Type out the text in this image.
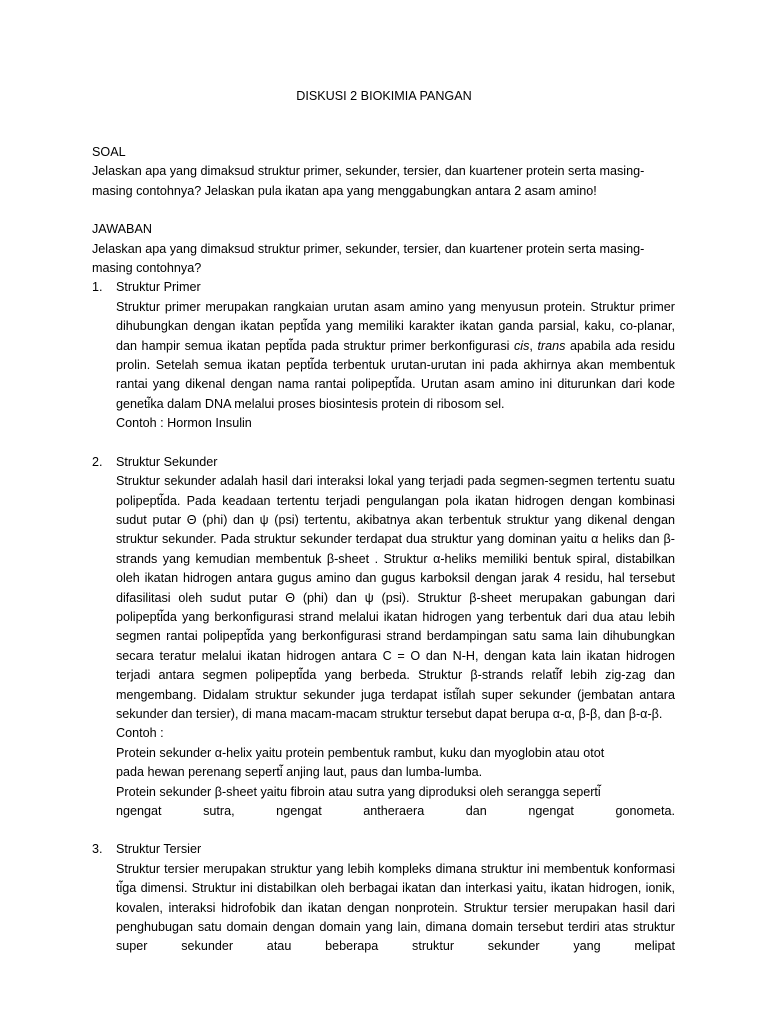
DISKUSI 2 BIOKIMIA PANGAN

SOAL

Jelaskan apa yang dimaksud struktur primer, sekunder, tersier, dan kuartener protein serta masing-masing contohnya? Jelaskan pula ikatan apa yang menggabungkan antara 2 asam amino!

JAWABAN

Jelaskan apa yang dimaksud struktur primer, sekunder, tersier, dan kuartener protein serta masing-masing contohnya?

1. Struktur Primer

Struktur primer merupakan rangkaian urutan asam amino yang menyusun protein. Struktur primer dihubungkan dengan ikatan pepti͂da yang memiliki karakter ikatan ganda parsial, kaku, co-planar, dan hampir semua ikatan pepti͂da pada struktur primer berkonfigurasi cis, trans apabila ada residu prolin. Setelah semua ikatan pepti͂da terbentuk urutan-urutan ini pada akhirnya akan membentuk rantai yang dikenal dengan nama rantai polipepti͂da. Urutan asam amino ini diturunkan dari kode geneti͂ka dalam DNA melalui proses biosintesis protein di ribosom sel.

Contoh : Hormon Insulin

2. Struktur Sekunder

Struktur sekunder adalah hasil dari interaksi lokal yang terjadi pada segmen-segmen tertentu suatu polipepti͂da. Pada keadaan tertentu terjadi pengulangan pola ikatan hidrogen dengan kombinasi sudut putar Θ (phi) dan ψ (psi) tertentu, akibatnya akan terbentuk struktur yang dikenal dengan struktur sekunder. Pada struktur sekunder terdapat dua struktur yang dominan yaitu α heliks dan β-strands yang kemudian membentuk β-sheet . Struktur α-heliks memiliki bentuk spiral, distabilkan oleh ikatan hidrogen antara gugus amino dan gugus karboksil dengan jarak 4 residu, hal tersebut difasilitasi oleh sudut putar Θ (phi) dan ψ (psi). Struktur β-sheet merupakan gabungan dari polipepti͂da yang berkonfigurasi strand melalui ikatan hidrogen yang terbentuk dari dua atau lebih segmen rantai polipepti͂da yang berkonfigurasi strand berdampingan satu sama lain dihubungkan secara teratur melalui ikatan hidrogen antara C = O dan N-H, dengan kata lain ikatan hidrogen terjadi antara segmen polipepti͂da yang berbeda. Struktur β-strands relati͂f lebih zig-zag dan mengembang. Didalam struktur sekunder juga terdapat isti͂lah super sekunder (jembatan antara sekunder dan tersier), di mana macam-macam struktur tersebut dapat berupa α-α, β-β, dan β-α-β.

Contoh :

Protein sekunder α-helix yaitu protein pembentuk rambut, kuku dan myoglobin atau otot

pada hewan perenang seperti͂ anjing laut, paus dan lumba-lumba.

Protein sekunder β-sheet yaitu fibroin atau sutra yang diproduksi oleh serangga seperti͂

ngengat sutra, ngengat antheraera dan ngengat gonometa.

3. Struktur Tersier

Struktur tersier merupakan struktur yang lebih kompleks dimana struktur ini membentuk konformasi ti͂ga dimensi. Struktur ini distabilkan oleh berbagai ikatan dan interkasi yaitu, ikatan hidrogen, ionik, kovalen, interaksi hidrofobik dan ikatan dengan nonprotein. Struktur tersier merupakan hasil dari penghubugan satu domain dengan domain yang lain, dimana domain tersebut terdiri atas struktur super sekunder atau beberapa struktur sekunder yang melipat
